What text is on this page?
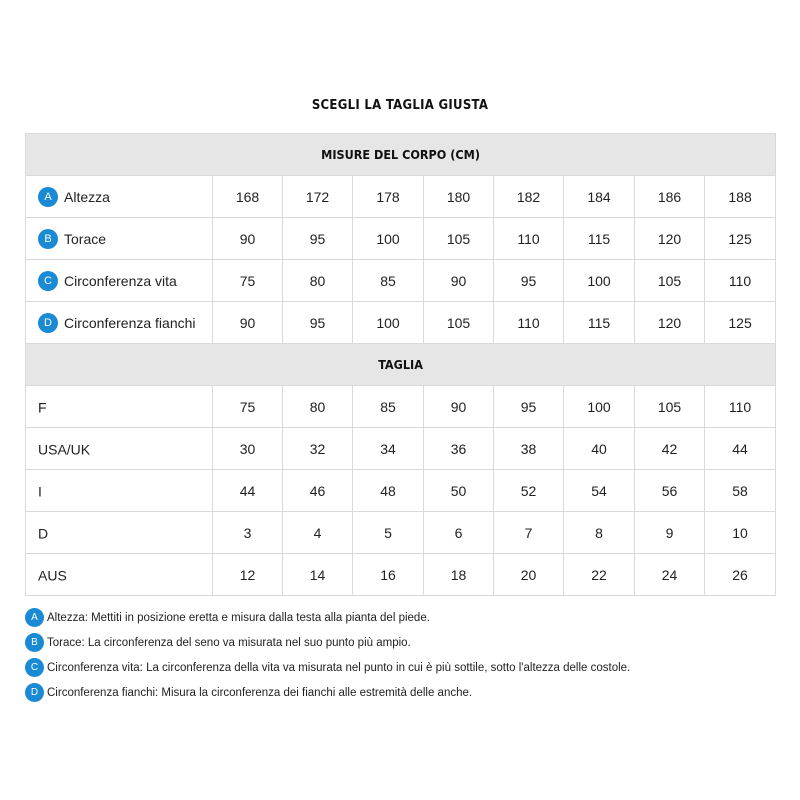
SCEGLI LA TAGLIA GIUSTA
MISURE DEL CORPO (CM)								
A Altezza	168	172	178	180	182	184	186	188
B Torace	90	95	100	105	110	115	120	125
C Circonferenza vita	75	80	85	90	95	100	105	110
D Circonferenza fianchi	90	95	100	105	110	115	120	125
TAGLIA								
F	75	80	85	90	95	100	105	110
USA/UK	30	32	34	36	38	40	42	44
I	44	46	48	50	52	54	56	58
D	3	4	5	6	7	8	9	10
AUS	12	14	16	18	20	22	24	26
A Altezza: Mettiti in posizione eretta e misura dalla testa alla pianta del piede.
B Torace: La circonferenza del seno va misurata nel suo punto più ampio.
C Circonferenza vita: La circonferenza della vita va misurata nel punto in cui è più sottile, sotto l'altezza delle costole.
D Circonferenza fianchi: Misura la circonferenza dei fianchi alle estremità delle anche.
